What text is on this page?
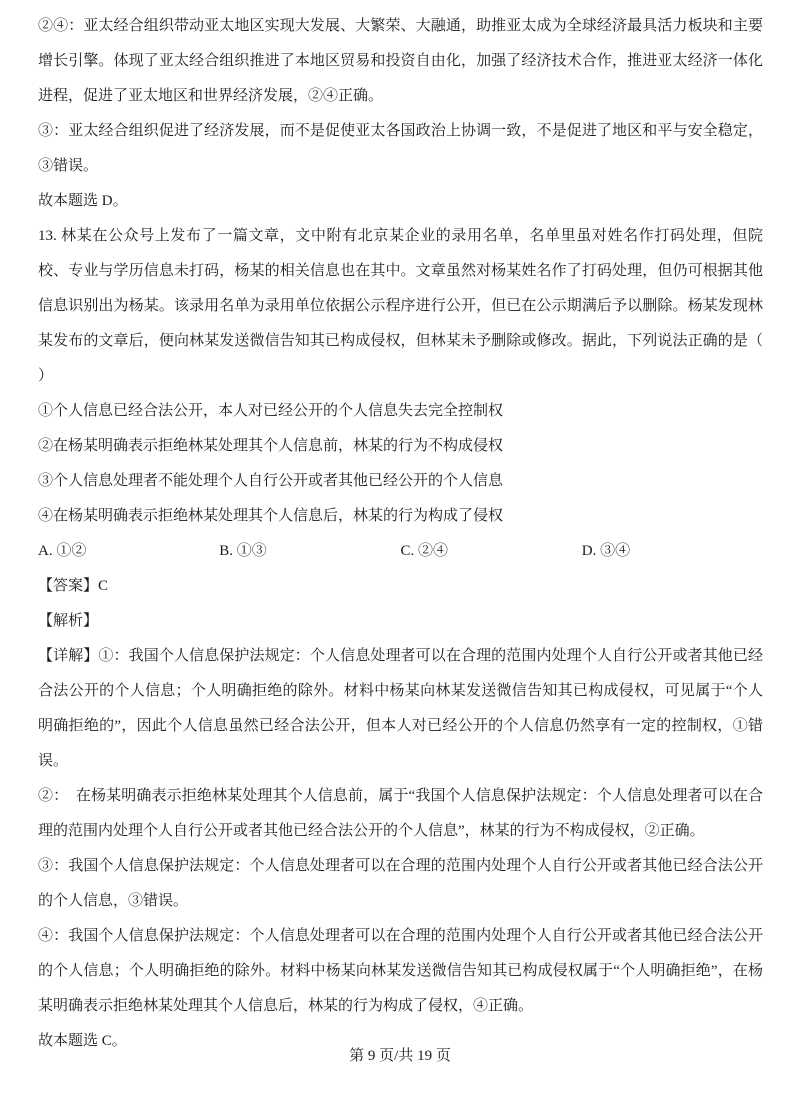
②④：亚太经合组织带动亚太地区实现大发展、大繁荣、大融通，助推亚太成为全球经济最具活力板块和主要增长引擎。体现了亚太经合组织推进了本地区贸易和投资自由化，加强了经济技术合作，推进亚太经济一体化进程，促进了亚太地区和世界经济发展，②④正确。

③：亚太经合组织促进了经济发展，而不是促使亚太各国政治上协调一致，不是促进了地区和平与安全稳定，③错误。

故本题选 D。

13. 林某在公众号上发布了一篇文章，文中附有北京某企业的录用名单，名单里虽对姓名作打码处理，但院校、专业与学历信息未打码，杨某的相关信息也在其中。文章虽然对杨某姓名作了打码处理，但仍可根据其他信息识别出为杨某。该录用名单为录用单位依据公示程序进行公开，但已在公示期满后予以删除。杨某发现林某发布的文章后，便向林某发送微信告知其已构成侵权，但林某未予删除或修改。据此，下列说法正确的是（　　）

①个人信息已经合法公开，本人对已经公开的个人信息失去完全控制权

②在杨某明确表示拒绝林某处理其个人信息前，林某的行为不构成侵权

③个人信息处理者不能处理个人自行公开或者其他已经公开的个人信息

④在杨某明确表示拒绝林某处理其个人信息后，林某的行为构成了侵权

A. ①②	B. ①③	C. ②④	D. ③④

【答案】C

【解析】

【详解】①：我国个人信息保护法规定：个人信息处理者可以在合理的范围内处理个人自行公开或者其他已经合法公开的个人信息；个人明确拒绝的除外。材料中杨某向林某发送微信告知其已构成侵权，可见属于“个人明确拒绝的”，因此个人信息虽然已经合法公开，但本人对已经公开的个人信息仍然享有一定的控制权，①错误。

②：　在杨某明确表示拒绝林某处理其个人信息前，属于“我国个人信息保护法规定：个人信息处理者可以在合理的范围内处理个人自行公开或者其他已经合法公开的个人信息”，林某的行为不构成侵权，②正确。

③：我国个人信息保护法规定：个人信息处理者可以在合理的范围内处理个人自行公开或者其他已经合法公开的个人信息，③错误。

④：我国个人信息保护法规定：个人信息处理者可以在合理的范围内处理个人自行公开或者其他已经合法公开的个人信息；个人明确拒绝的除外。材料中杨某向林某发送微信告知其已构成侵权属于“个人明确拒绝”，在杨某明确表示拒绝林某处理其个人信息后，林某的行为构成了侵权，④正确。

故本题选 C。

第 9 页/共 19 页
